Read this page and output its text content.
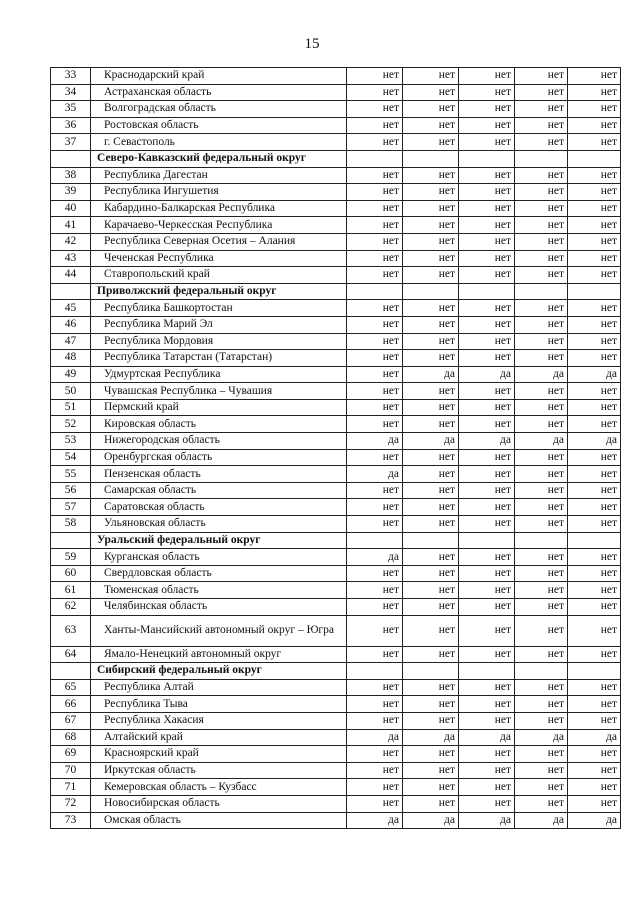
15
33	Краснодарский край	нет	нет	нет	нет	нет
34	Астраханская область	нет	нет	нет	нет	нет
35	Волгоградская область	нет	нет	нет	нет	нет
36	Ростовская область	нет	нет	нет	нет	нет
37	г. Севастополь	нет	нет	нет	нет	нет
	Северо-Кавказский федеральный округ					
38	Республика Дагестан	нет	нет	нет	нет	нет
39	Республика Ингушетия	нет	нет	нет	нет	нет
40	Кабардино-Балкарская Республика	нет	нет	нет	нет	нет
41	Карачаево-Черкесская Республика	нет	нет	нет	нет	нет
42	Республика Северная Осетия – Алания	нет	нет	нет	нет	нет
43	Чеченская Республика	нет	нет	нет	нет	нет
44	Ставропольский край	нет	нет	нет	нет	нет
	Приволжский федеральный округ					
45	Республика Башкортостан	нет	нет	нет	нет	нет
46	Республика Марий Эл	нет	нет	нет	нет	нет
47	Республика Мордовия	нет	нет	нет	нет	нет
48	Республика Татарстан (Татарстан)	нет	нет	нет	нет	нет
49	Удмуртская Республика	нет	да	да	да	да
50	Чувашская Республика – Чувашия	нет	нет	нет	нет	нет
51	Пермский край	нет	нет	нет	нет	нет
52	Кировская область	нет	нет	нет	нет	нет
53	Нижегородская область	да	да	да	да	да
54	Оренбургская область	нет	нет	нет	нет	нет
55	Пензенская область	да	нет	нет	нет	нет
56	Самарская область	нет	нет	нет	нет	нет
57	Саратовская область	нет	нет	нет	нет	нет
58	Ульяновская область	нет	нет	нет	нет	нет
	Уральский федеральный округ					
59	Курганская область	да	нет	нет	нет	нет
60	Свердловская область	нет	нет	нет	нет	нет
61	Тюменская область	нет	нет	нет	нет	нет
62	Челябинская область	нет	нет	нет	нет	нет
63	Ханты-Мансийский автономный округ – Югра	нет	нет	нет	нет	нет
64	Ямало-Ненецкий автономный округ	нет	нет	нет	нет	нет
	Сибирский федеральный округ					
65	Республика Алтай	нет	нет	нет	нет	нет
66	Республика Тыва	нет	нет	нет	нет	нет
67	Республика Хакасия	нет	нет	нет	нет	нет
68	Алтайский край	да	да	да	да	да
69	Красноярский край	нет	нет	нет	нет	нет
70	Иркутская область	нет	нет	нет	нет	нет
71	Кемеровская область – Кузбасс	нет	нет	нет	нет	нет
72	Новосибирская область	нет	нет	нет	нет	нет
73	Омская область	да	да	да	да	да
